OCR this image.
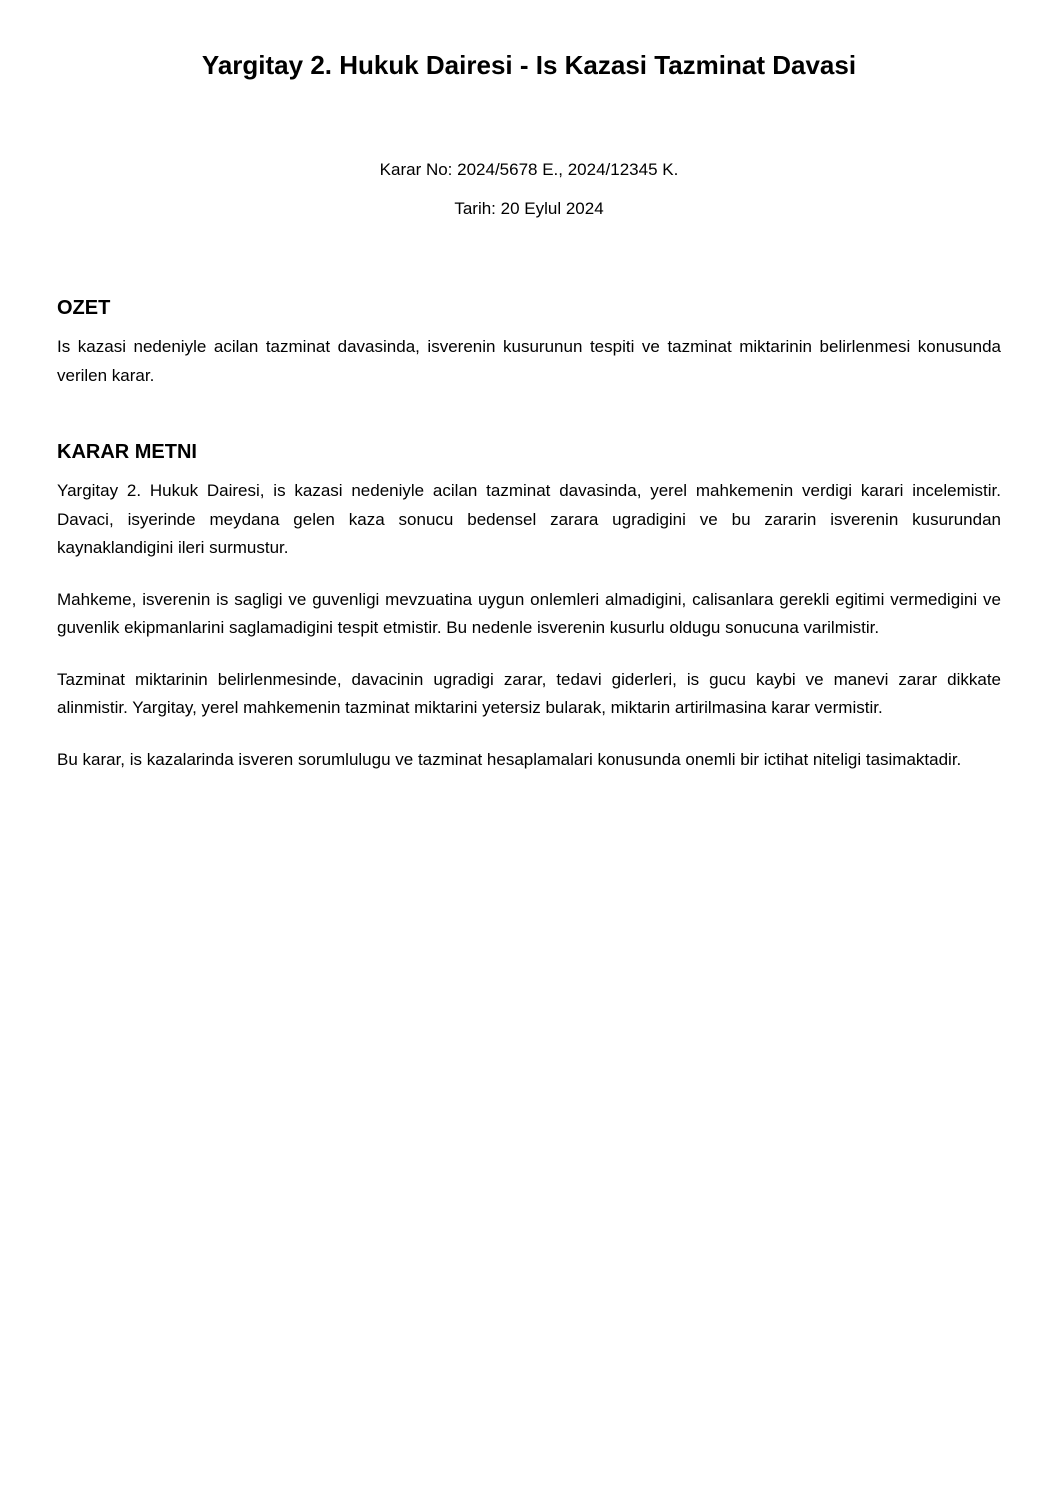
Yargitay 2. Hukuk Dairesi - Is Kazasi Tazminat Davasi

Karar No: 2024/5678 E., 2024/12345 K.

Tarih: 20 Eylul 2024

OZET

Is kazasi nedeniyle acilan tazminat davasinda, isverenin kusurunun tespiti ve tazminat miktarinin belirlenmesi konusunda verilen karar.

KARAR METNI

Yargitay 2. Hukuk Dairesi, is kazasi nedeniyle acilan tazminat davasinda, yerel mahkemenin verdigi karari incelemistir. Davaci, isyerinde meydana gelen kaza sonucu bedensel zarara ugradigini ve bu zararin isverenin kusurundan kaynaklandigini ileri surmustur.

Mahkeme, isverenin is sagligi ve guvenligi mevzuatina uygun onlemleri almadigini, calisanlara gerekli egitimi vermedigini ve guvenlik ekipmanlarini saglamadigini tespit etmistir. Bu nedenle isverenin kusurlu oldugu sonucuna varilmistir.

Tazminat miktarinin belirlenmesinde, davacinin ugradigi zarar, tedavi giderleri, is gucu kaybi ve manevi zarar dikkate alinmistir. Yargitay, yerel mahkemenin tazminat miktarini yetersiz bularak, miktarin artirilmasina karar vermistir.

Bu karar, is kazalarinda isveren sorumlulugu ve tazminat hesaplamalari konusunda onemli bir ictihat niteligi tasimaktadir.
